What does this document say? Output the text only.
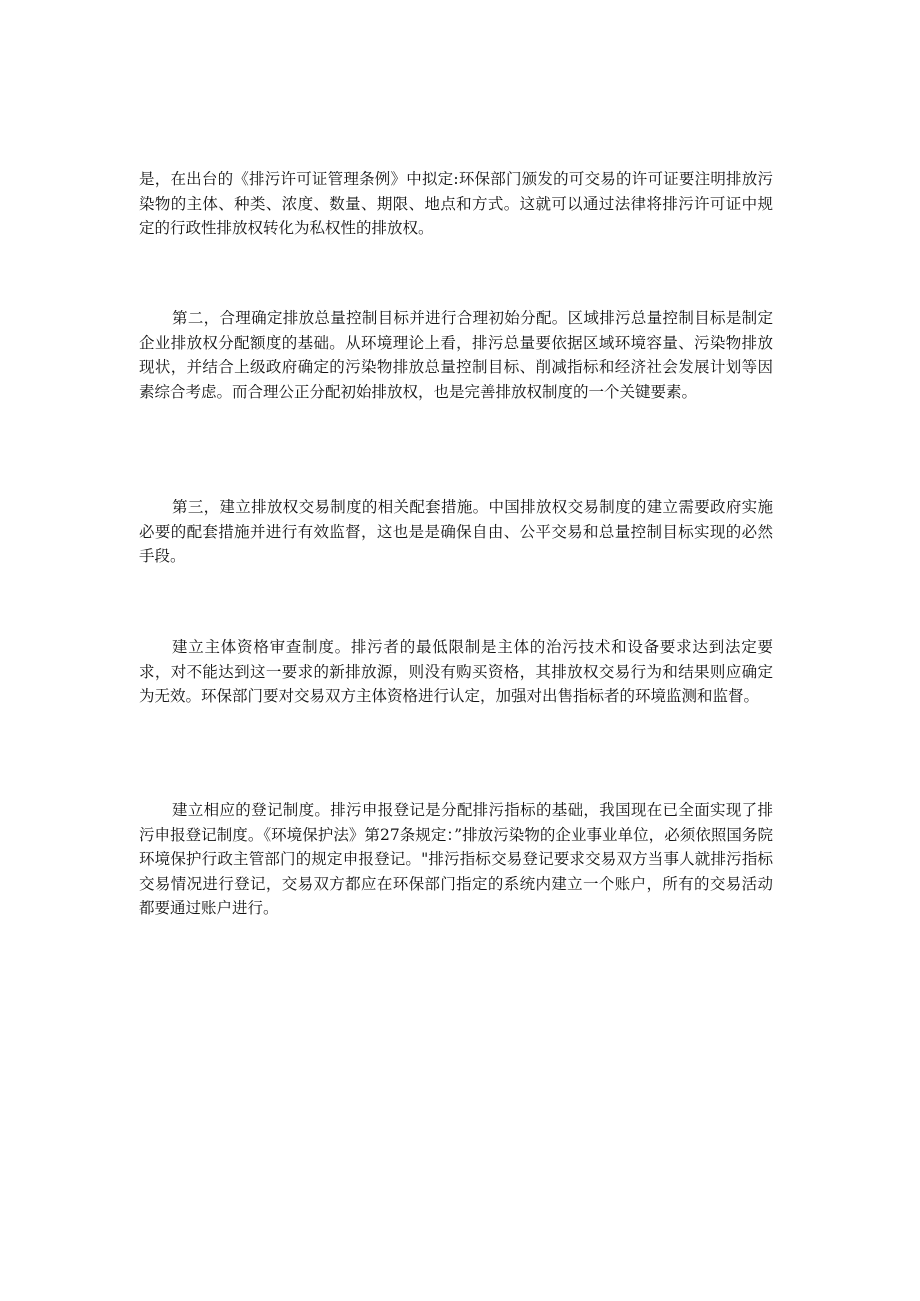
是，在出台的《排污许可证管理条例》中拟定:环保部门颁发的可交易的许可证要注明排放污染物的主体、种类、浓度、数量、期限、地点和方式。这就可以通过法律将排污许可证中规定的行政性排放权转化为私权性的排放权。

第二，合理确定排放总量控制目标并进行合理初始分配。区域排污总量控制目标是制定企业排放权分配额度的基础。从环境理论上看，排污总量要依据区域环境容量、污染物排放现状，并结合上级政府确定的污染物排放总量控制目标、削减指标和经济社会发展计划等因素综合考虑。而合理公正分配初始排放权，也是完善排放权制度的一个关键要素。

第三，建立排放权交易制度的相关配套措施。中国排放权交易制度的建立需要政府实施必要的配套措施并进行有效监督，这也是是确保自由、公平交易和总量控制目标实现的必然手段。

建立主体资格审查制度。排污者的最低限制是主体的治污技术和设备要求达到法定要求，对不能达到这一要求的新排放源，则没有购买资格，其排放权交易行为和结果则应确定为无效。环保部门要对交易双方主体资格进行认定，加强对出售指标者的环境监测和监督。

建立相应的登记制度。排污申报登记是分配排污指标的基础，我国现在已全面实现了排污申报登记制度。《环境保护法》第27条规定：”排放污染物的企业事业单位，必须依照国务院环境保护行政主管部门的规定申报登记。"排污指标交易登记要求交易双方当事人就排污指标交易情况进行登记，交易双方都应在环保部门指定的系统内建立一个账户，所有的交易活动都要通过账户进行。
